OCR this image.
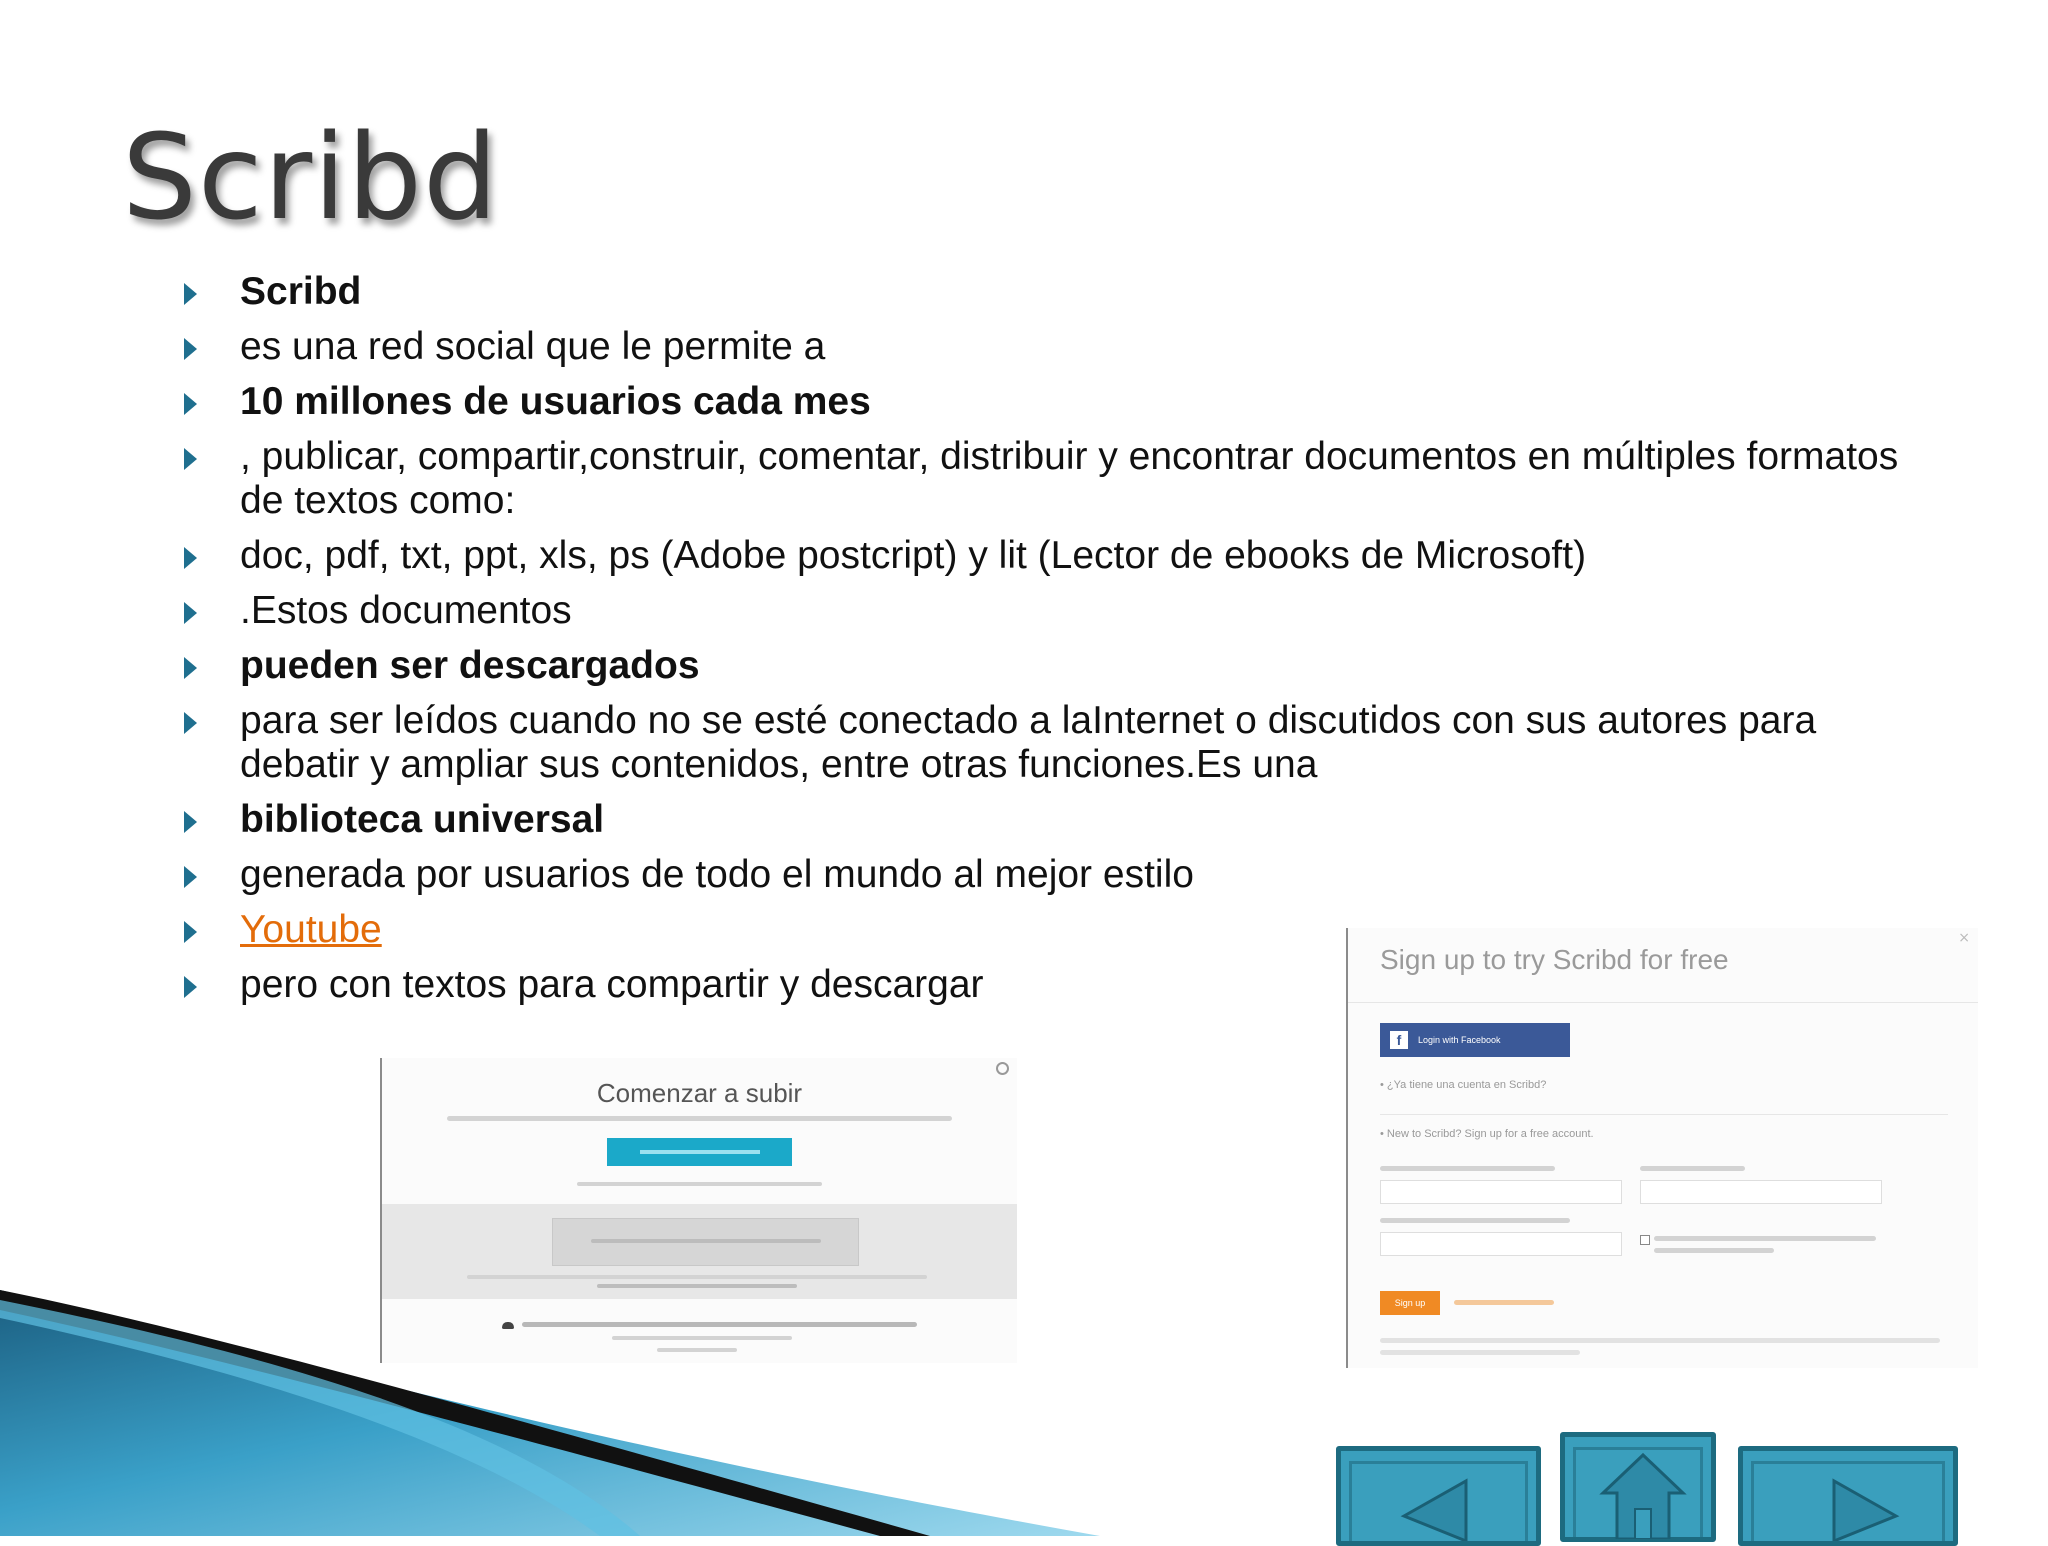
Scribd
Scribd
es una red social que le permite a
10 millones de usuarios cada mes
, publicar, compartir,construir, comentar, distribuir y encontrar documentos en múltiples formatos de textos como:
doc, pdf, txt, ppt, xls, ps (Adobe postcript) y lit (Lector de ebooks de Microsoft)
.Estos documentos
pueden ser descargados
para ser leídos cuando no se esté conectado a laInternet o discutidos con sus autores para debatir y ampliar sus contenidos, entre otras funciones.Es una
biblioteca universal
generada por usuarios de todo el mundo al mejor estilo
Youtube
pero con textos para compartir y descargar
Comenzar a subir
×
Sign up to try Scribd for free
f	Login with Facebook
• ¿Ya tiene una cuenta en Scribd?
• New to Scribd? Sign up for a free account.
Sign up
